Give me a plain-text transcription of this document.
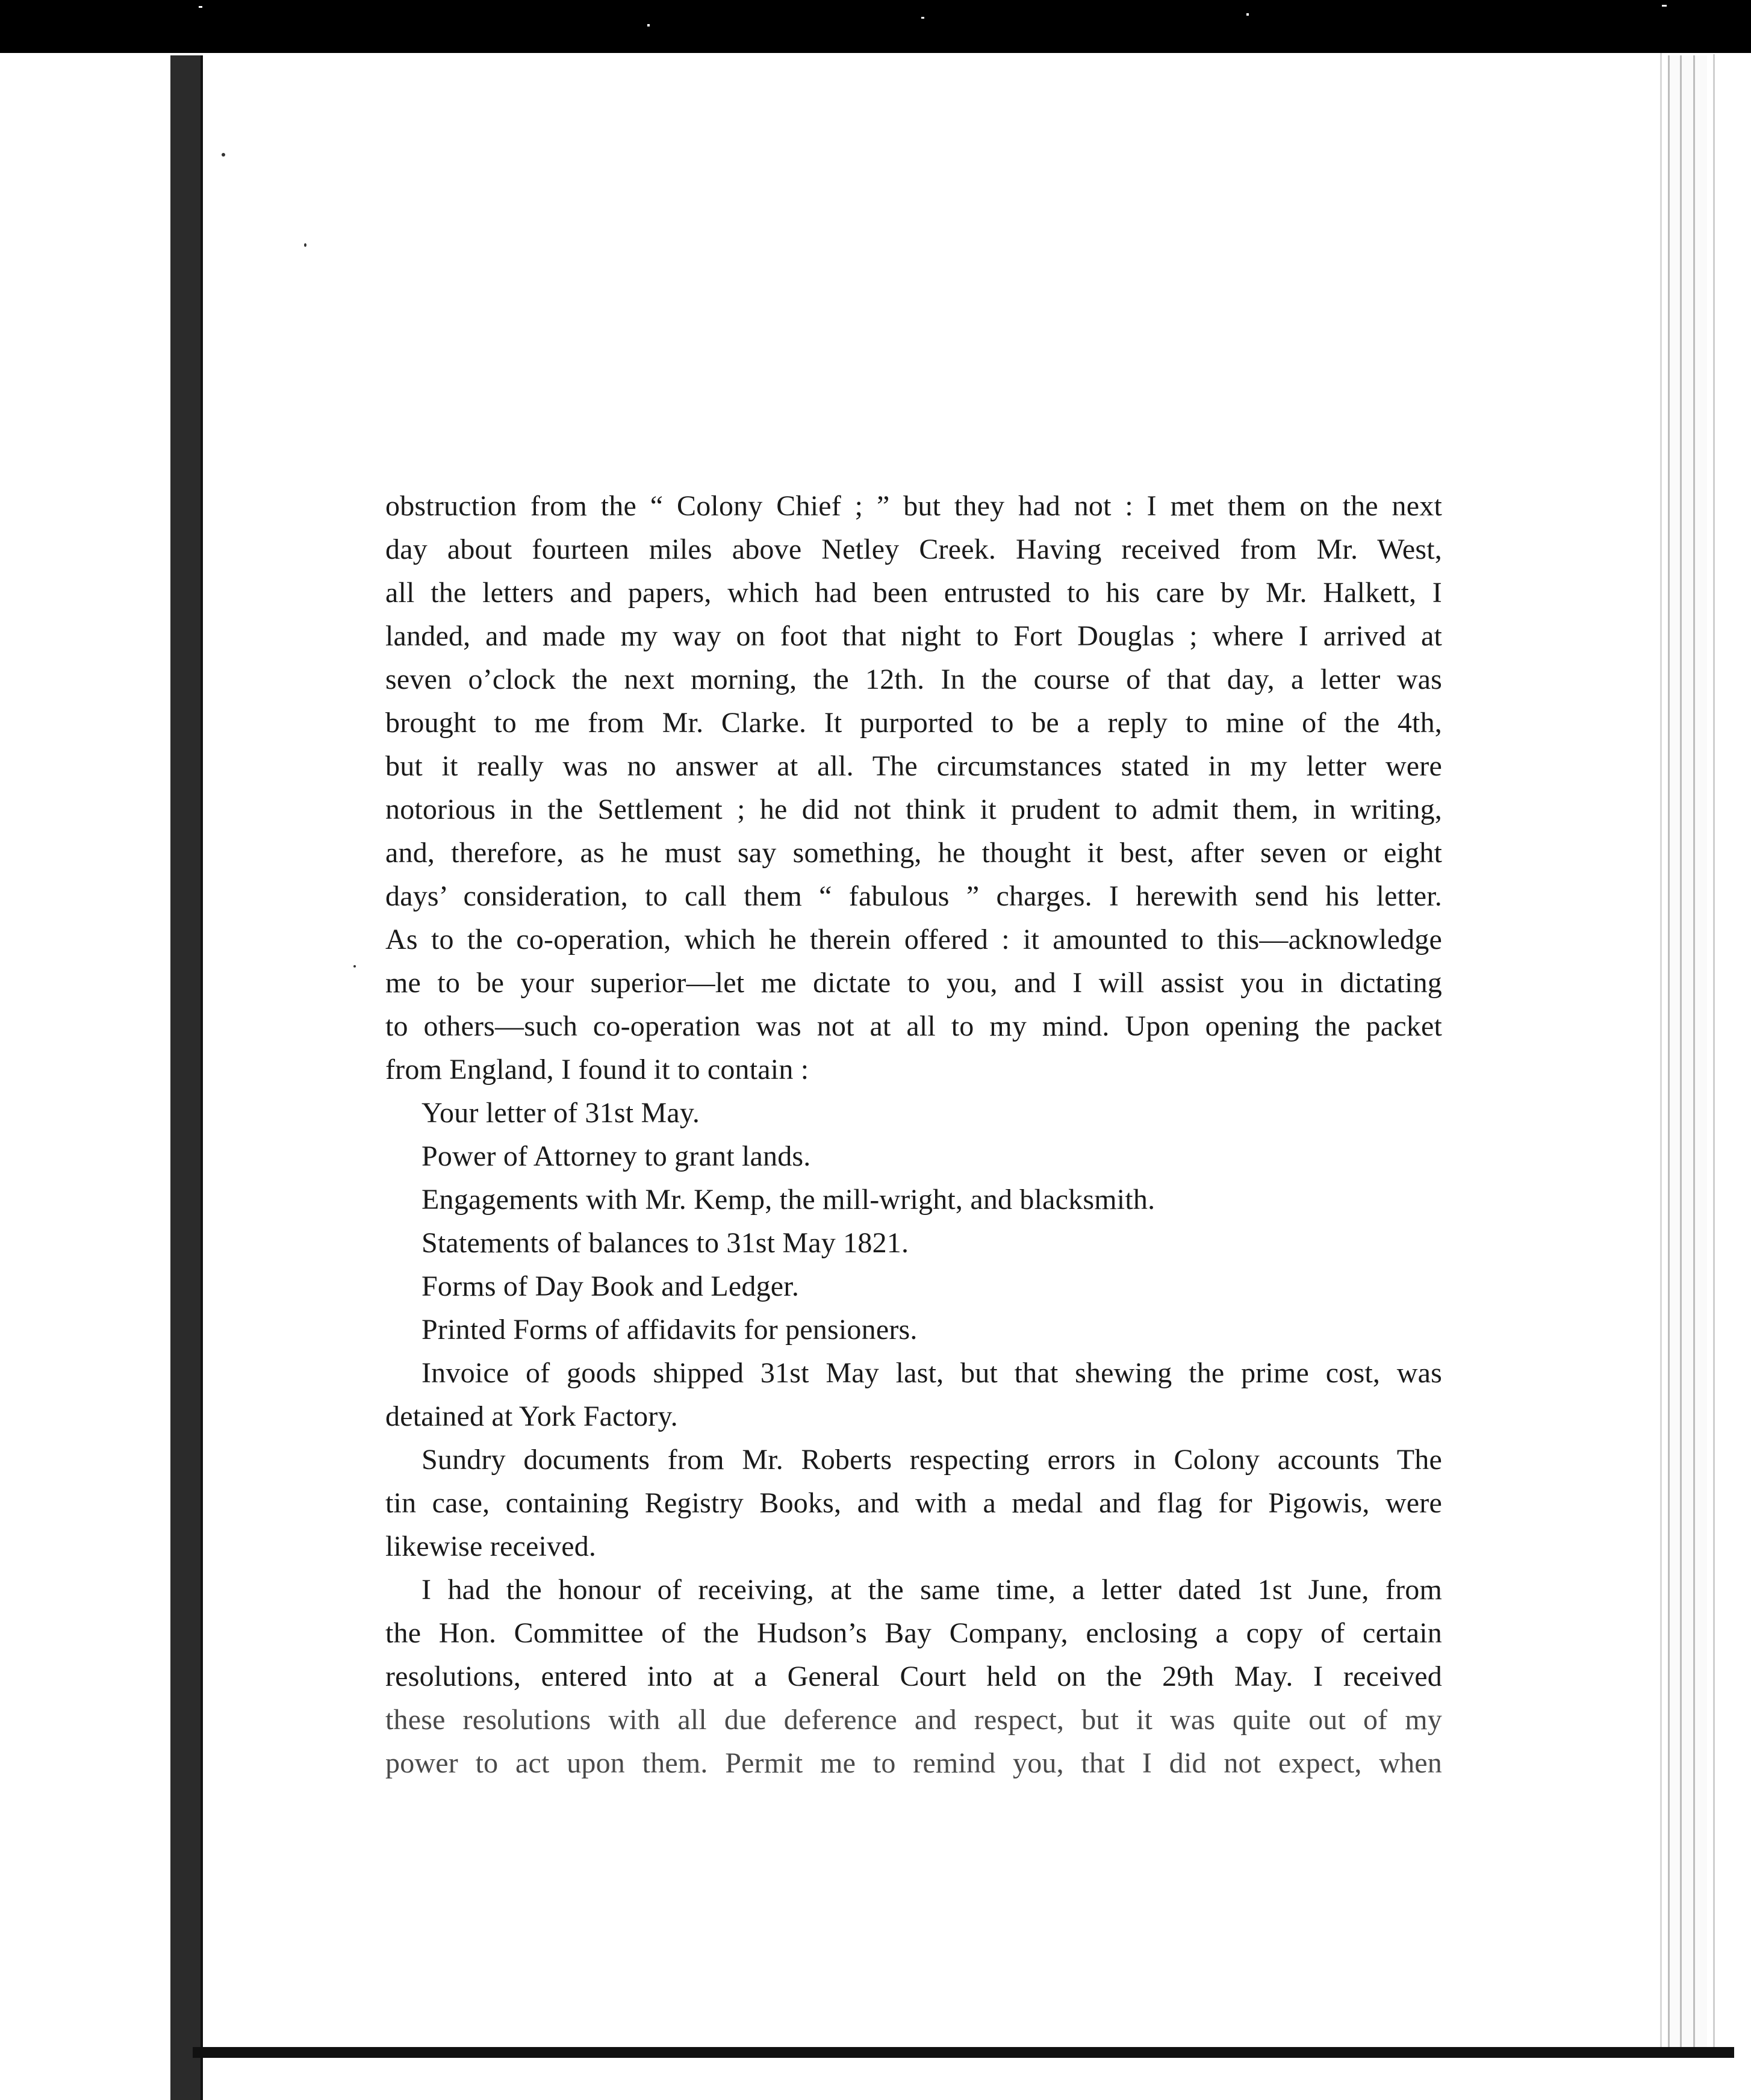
obstruction from the “ Colony Chief ; ” but they had not : I met them on the next
day about fourteen miles above Netley Creek. Having received from Mr. West,
all the letters and papers, which had been entrusted to his care by Mr. Halkett, I
landed, and made my way on foot that night to Fort Douglas ; where I arrived at
seven o’clock the next morning, the 12th. In the course of that day, a letter was
brought to me from Mr. Clarke. It purported to be a reply to mine of the 4th,
but it really was no answer at all. The circumstances stated in my letter were
notorious in the Settlement ; he did not think it prudent to admit them, in writing,
and, therefore, as he must say something, he thought it best, after seven or eight
days’ consideration, to call them “ fabulous ” charges. I herewith send his letter.
As to the co-operation, which he therein offered : it amounted to this—acknowledge
me to be your superior—let me dictate to you, and I will assist you in dictating
to others—such co-operation was not at all to my mind. Upon opening the packet
from England, I found it to contain :
Your letter of 31st May.
Power of Attorney to grant lands.
Engagements with Mr. Kemp, the mill-wright, and blacksmith.
Statements of balances to 31st May 1821.
Forms of Day Book and Ledger.
Printed Forms of affidavits for pensioners.
Invoice of goods shipped 31st May last, but that shewing the prime cost, was
detained at York Factory.
Sundry documents from Mr. Roberts respecting errors in Colony accounts The
tin case, containing Registry Books, and with a medal and flag for Pigowis, were
likewise received.
I had the honour of receiving, at the same time, a letter dated 1st June, from
the Hon. Committee of the Hudson’s Bay Company, enclosing a copy of certain
resolutions, entered into at a General Court held on the 29th May. I received
these resolutions with all due deference and respect, but it was quite out of my
power to act upon them. Permit me to remind you, that I did not expect, when
